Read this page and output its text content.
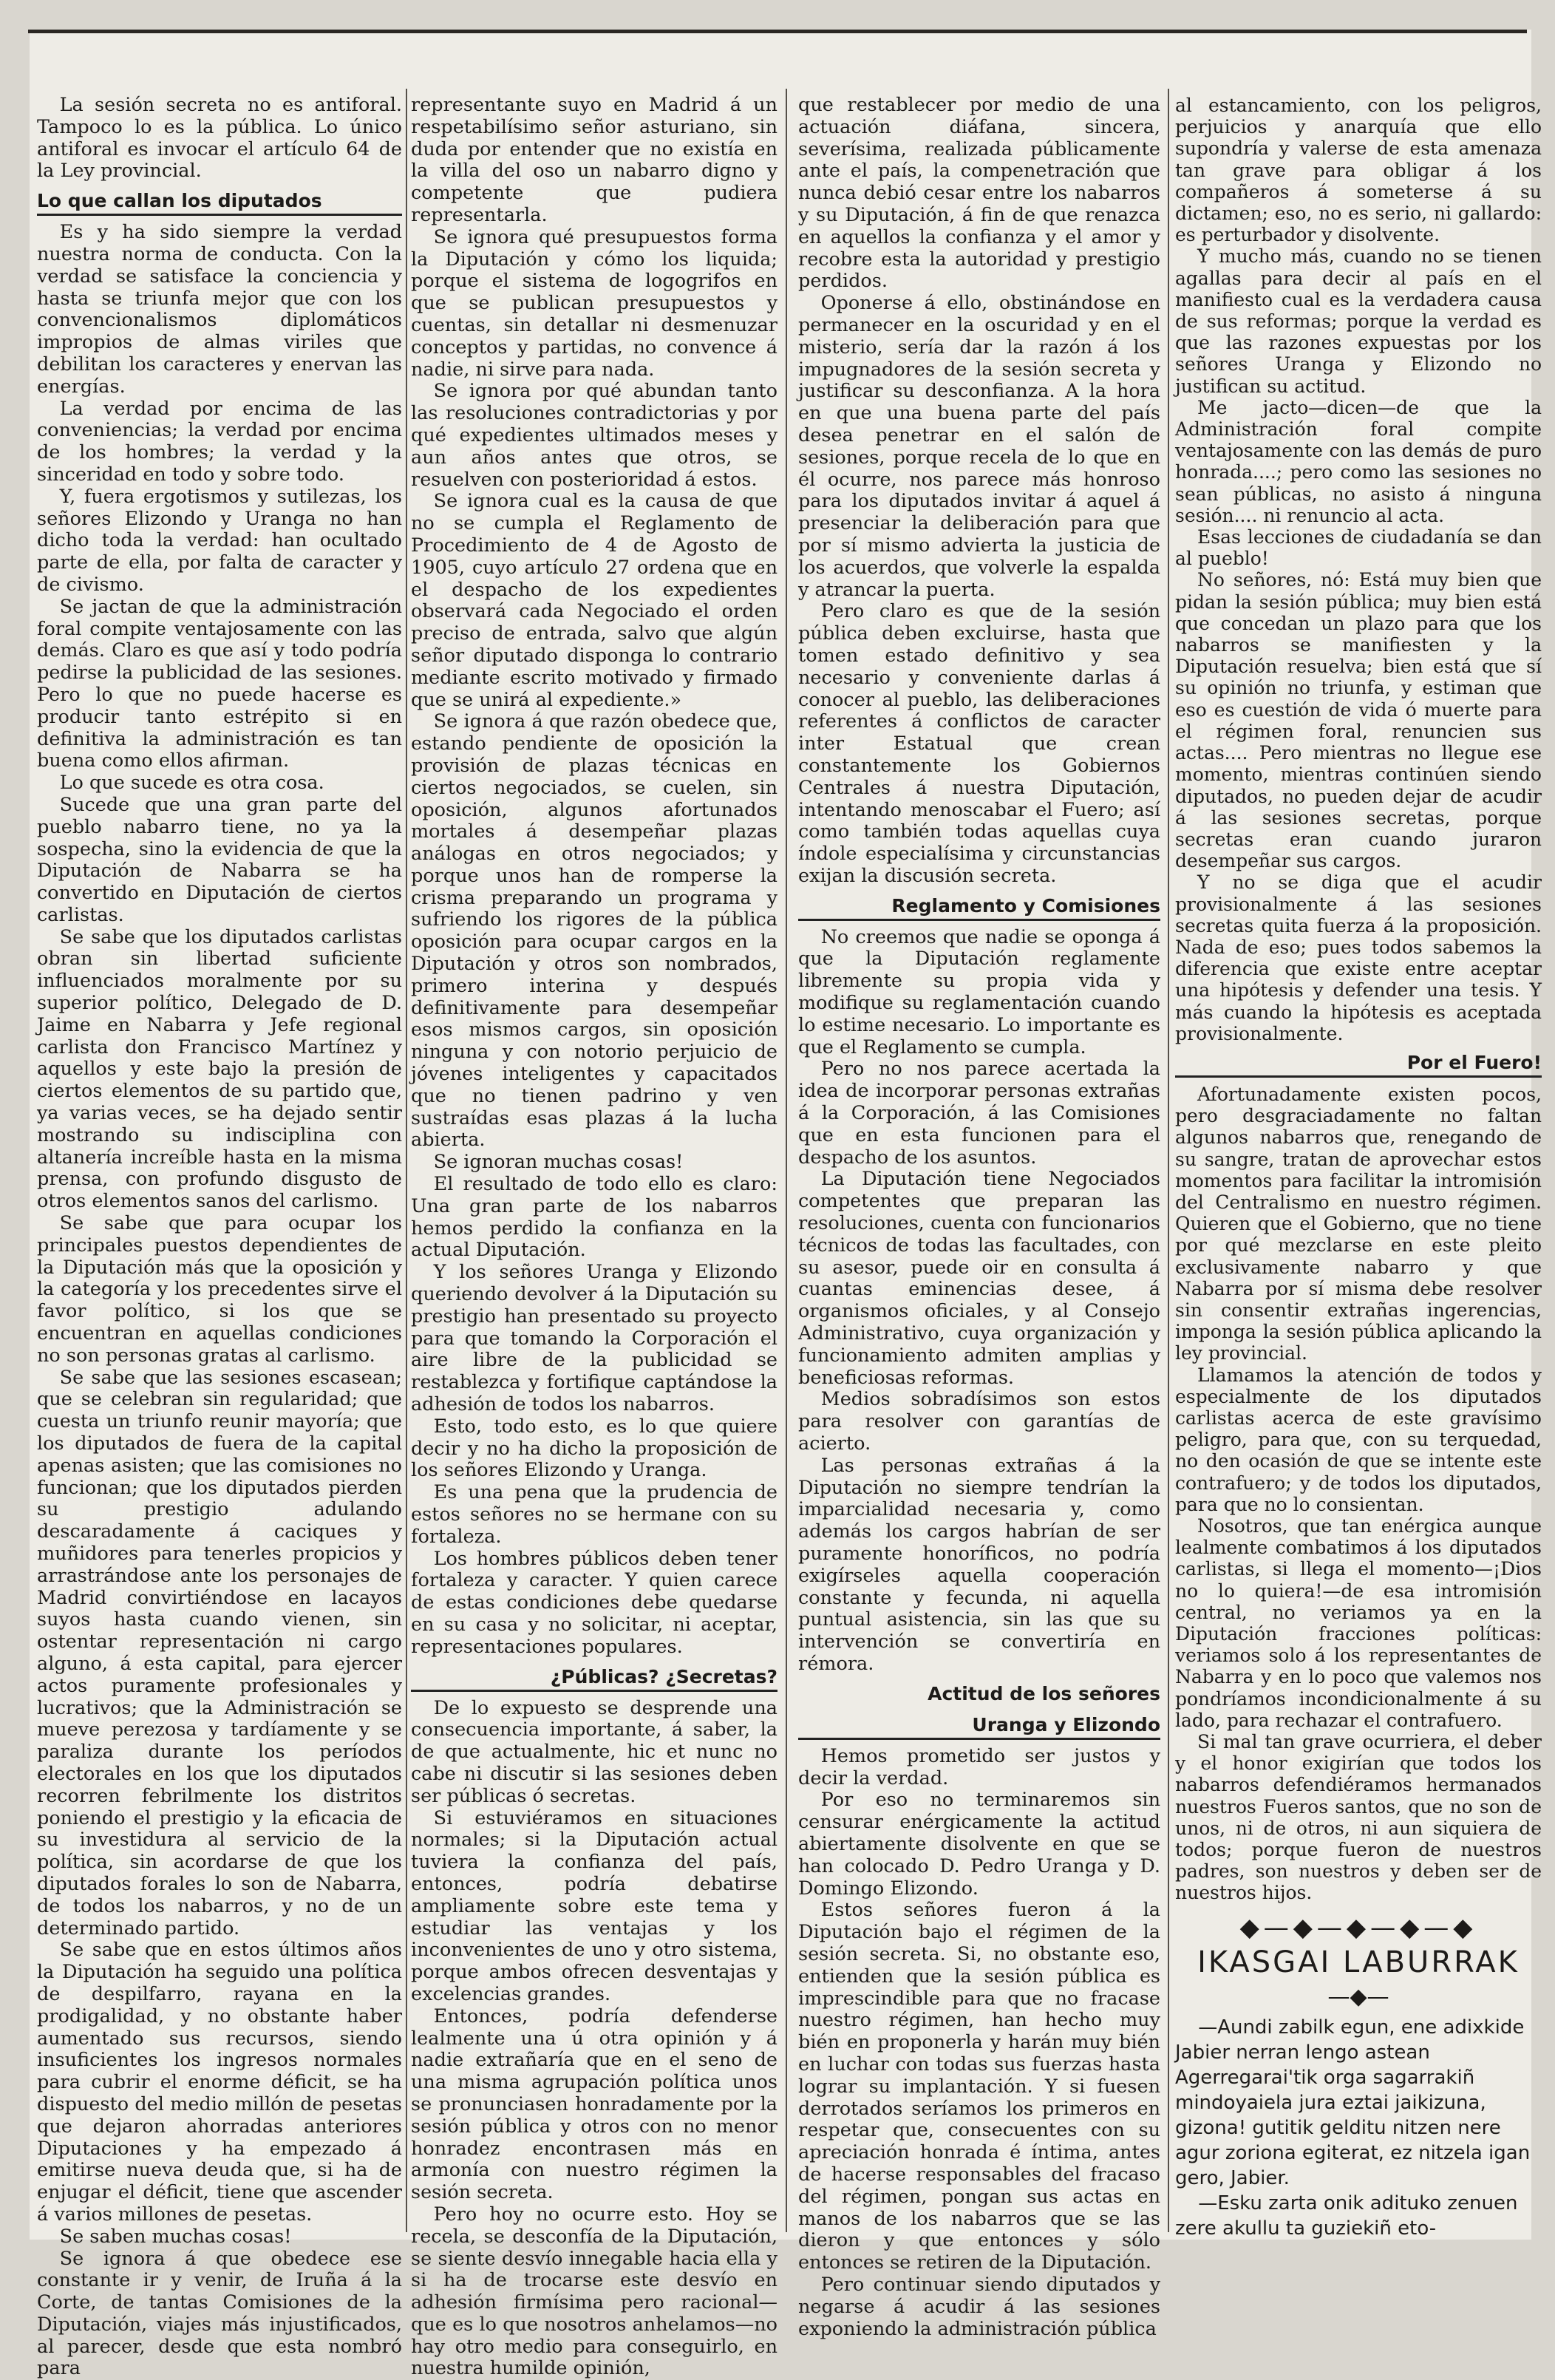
La sesión secreta no es antiforal. Tampoco lo es la pública. Lo único antiforal es invocar el artículo 64 de la Ley provincial.

Lo que callan los diputados

Es y ha sido siempre la verdad nuestra norma de conducta. Con la verdad se satisface la conciencia y hasta se triunfa mejor que con los convencionalismos diplomáticos impropios de almas viriles que debilitan los caracteres y enervan las energías.

La verdad por encima de las conveniencias; la verdad por encima de los hombres; la verdad y la sinceridad en todo y sobre todo.

Y, fuera ergotismos y sutilezas, los señores Elizondo y Uranga no han dicho toda la verdad: han ocultado parte de ella, por falta de caracter y de civismo.

Se jactan de que la administración foral compite ventajosamente con las demás. Claro es que así y todo podría pedirse la publicidad de las sesiones. Pero lo que no puede hacerse es producir tanto estrépito si en definitiva la administración es tan buena como ellos afirman.

Lo que sucede es otra cosa.

Sucede que una gran parte del pueblo nabarro tiene, no ya la sospecha, sino la evidencia de que la Diputación de Nabarra se ha convertido en Diputación de ciertos carlistas.

Se sabe que los diputados carlistas obran sin libertad suficiente influenciados moralmente por su superior político, Delegado de D. Jaime en Nabarra y Jefe regional carlista don Francisco Martínez y aquellos y este bajo la presión de ciertos elementos de su partido que, ya varias veces, se ha dejado sentir mostrando su indisciplina con altanería increíble hasta en la misma prensa, con profundo disgusto de otros elementos sanos del carlismo.

Se sabe que para ocupar los principales puestos dependientes de la Diputación más que la oposición y la categoría y los precedentes sirve el favor político, si los que se encuentran en aquellas condiciones no son personas gratas al carlismo.

Se sabe que las sesiones escasean; que se celebran sin regularidad; que cuesta un triunfo reunir mayoría; que los diputados de fuera de la capital apenas asisten; que las comisiones no funcionan; que los diputados pierden su prestigio adulando descaradamente á caciques y muñidores para tenerles propicios y arrastrándose ante los personajes de Madrid convirtiéndose en lacayos suyos hasta cuando vienen, sin ostentar representación ni cargo alguno, á esta capital, para ejercer actos puramente profesionales y lucrativos; que la Administración se mueve perezosa y tardíamente y se paraliza durante los períodos electorales en los que los diputados recorren febrilmente los distritos poniendo el prestigio y la eficacia de su investidura al servicio de la política, sin acordarse de que los diputados forales lo son de Nabarra, de todos los nabarros, y no de un determinado partido.

Se sabe que en estos últimos años la Diputación ha seguido una política de despilfarro, rayana en la prodigalidad, y no obstante haber aumentado sus recursos, siendo insuficientes los ingresos normales para cubrir el enorme déficit, se ha dispuesto del medio millón de pesetas que dejaron ahorradas anteriores Diputaciones y ha empezado á emitirse nueva deuda que, si ha de enjugar el déficit, tiene que ascender á varios millones de pesetas.

Se saben muchas cosas!

Se ignora á que obedece ese constante ir y venir, de Iruña á la Corte, de tantas Comisiones de la Diputación, viajes más injustificados, al parecer, desde que esta nombró para

representante suyo en Madrid á un respetabilísimo señor asturiano, sin duda por entender que no existía en la villa del oso un nabarro digno y competente que pudiera representarla.

Se ignora qué presupuestos forma la Diputación y cómo los liquida; porque el sistema de logogrifos en que se publican presupuestos y cuentas, sin detallar ni desmenuzar conceptos y partidas, no convence á nadie, ni sirve para nada.

Se ignora por qué abundan tanto las resoluciones contradictorias y por qué expedientes ultimados meses y aun años antes que otros, se resuelven con posterioridad á estos.

Se ignora cual es la causa de que no se cumpla el Reglamento de Procedimiento de 4 de Agosto de 1905, cuyo artículo 27 ordena que en el despacho de los expedientes observará cada Negociado el orden preciso de entrada, salvo que algún señor diputado disponga lo contrario mediante escrito motivado y firmado que se unirá al expediente.»

Se ignora á que razón obedece que, estando pendiente de oposición la provisión de plazas técnicas en ciertos negociados, se cuelen, sin oposición, algunos afortunados mortales á desempeñar plazas análogas en otros negociados; y porque unos han de romperse la crisma preparando un programa y sufriendo los rigores de la pública oposición para ocupar cargos en la Diputación y otros son nombrados, primero interina y después definitivamente para desempeñar esos mismos cargos, sin oposición ninguna y con notorio perjuicio de jóvenes inteligentes y capacitados que no tienen padrino y ven sustraídas esas plazas á la lucha abierta.

Se ignoran muchas cosas!

El resultado de todo ello es claro: Una gran parte de los nabarros hemos perdido la confianza en la actual Diputación.

Y los señores Uranga y Elizondo queriendo devolver á la Diputación su prestigio han presentado su proyecto para que tomando la Corporación el aire libre de la publicidad se restablezca y fortifique captándose la adhesión de todos los nabarros.

Esto, todo esto, es lo que quiere decir y no ha dicho la proposición de los señores Elizondo y Uranga.

Es una pena que la prudencia de estos señores no se hermane con su fortaleza.

Los hombres públicos deben tener fortaleza y caracter. Y quien carece de estas condiciones debe quedarse en su casa y no solicitar, ni aceptar, representaciones populares.

¿Públicas? ¿Secretas?

De lo expuesto se desprende una consecuencia importante, á saber, la de que actualmente, hic et nunc no cabe ni discutir si las sesiones deben ser públicas ó secretas.

Si estuviéramos en situaciones normales; si la Diputación actual tuviera la confianza del país, entonces, podría debatirse ampliamente sobre este tema y estudiar las ventajas y los inconvenientes de uno y otro sistema, porque ambos ofrecen desventajas y excelencias grandes.

Entonces, podría defenderse lealmente una ú otra opinión y á nadie extrañaría que en el seno de una misma agrupación política unos se pronunciasen honradamente por la sesión pública y otros con no menor honradez encontrasen más en armonía con nuestro régimen la sesión secreta.

Pero hoy no ocurre esto. Hoy se recela, se desconfía de la Diputación, se siente desvío innegable hacia ella y si ha de trocarse este desvío en adhesión firmísima pero racional—que es lo que nosotros anhelamos—no hay otro medio para conseguirlo, en nuestra humilde opinión,

que restablecer por medio de una actuación diáfana, sincera, severísima, realizada públicamente ante el país, la compenetración que nunca debió cesar entre los nabarros y su Diputación, á fin de que renazca en aquellos la confianza y el amor y recobre esta la autoridad y prestigio perdidos.

Oponerse á ello, obstinándose en permanecer en la oscuridad y en el misterio, sería dar la razón á los impugnadores de la sesión secreta y justificar su desconfianza. A la hora en que una buena parte del país desea penetrar en el salón de sesiones, porque recela de lo que en él ocurre, nos parece más honroso para los diputados invitar á aquel á presenciar la deliberación para que por sí mismo advierta la justicia de los acuerdos, que volverle la espalda y atrancar la puerta.

Pero claro es que de la sesión pública deben excluirse, hasta que tomen estado definitivo y sea necesario y conveniente darlas á conocer al pueblo, las deliberaciones referentes á conflictos de caracter inter Estatual que crean constantemente los Gobiernos Centrales á nuestra Diputación, intentando menoscabar el Fuero; así como también todas aquellas cuya índole especialísima y circunstancias exijan la discusión secreta.

Reglamento y Comisiones

No creemos que nadie se oponga á que la Diputación reglamente libremente su propia vida y modifique su reglamentación cuando lo estime necesario. Lo importante es que el Reglamento se cumpla.

Pero no nos parece acertada la idea de incorporar personas extrañas á la Corporación, á las Comisiones que en esta funcionen para el despacho de los asuntos.

La Diputación tiene Negociados competentes que preparan las resoluciones, cuenta con funcionarios técnicos de todas las facultades, con su asesor, puede oir en consulta á cuantas eminencias desee, á organismos oficiales, y al Consejo Administrativo, cuya organización y funcionamiento admiten amplias y beneficiosas reformas.

Medios sobradísimos son estos para resolver con garantías de acierto.

Las personas extrañas á la Diputación no siempre tendrían la imparcialidad necesaria y, como además los cargos habrían de ser puramente honoríficos, no podría exigírseles aquella cooperación constante y fecunda, ni aquella puntual asistencia, sin las que su intervención se convertiría en rémora.

Actitud de los señores
Uranga y Elizondo

Hemos prometido ser justos y decir la verdad.

Por eso no terminaremos sin censurar enérgicamente la actitud abiertamente disolvente en que se han colocado D. Pedro Uranga y D. Domingo Elizondo.

Estos señores fueron á la Diputación bajo el régimen de la sesión secreta. Si, no obstante eso, entienden que la sesión pública es imprescindible para que no fracase nuestro régimen, han hecho muy bién en proponerla y harán muy bién en luchar con todas sus fuerzas hasta lograr su implantación. Y si fuesen derrotados seríamos los primeros en respetar que, consecuentes con su apreciación honrada é íntima, antes de hacerse responsables del fracaso del régimen, pongan sus actas en manos de los nabarros que se las dieron y que entonces y sólo entonces se retiren de la Diputación.

Pero continuar siendo diputados y negarse á acudir á las sesiones exponiendo la administración pública

al estancamiento, con los peligros, perjuicios y anarquía que ello supondría y valerse de esta amenaza tan grave para obligar á los compañeros á someterse á su dictamen; eso, no es serio, ni gallardo: es perturbador y disolvente.

Y mucho más, cuando no se tienen agallas para decir al país en el manifiesto cual es la verdadera causa de sus reformas; porque la verdad es que las razones expuestas por los señores Uranga y Elizondo no justifican su actitud.

Me jacto—dicen—de que la Administración foral compite ventajosamente con las demás de puro honrada....; pero como las sesiones no sean públicas, no asisto á ninguna sesión.... ni renuncio al acta.

Esas lecciones de ciudadanía se dan al pueblo!

No señores, nó: Está muy bien que pidan la sesión pública; muy bien está que concedan un plazo para que los nabarros se manifiesten y la Diputación resuelva; bien está que sí su opinión no triunfa, y estiman que eso es cuestión de vida ó muerte para el régimen foral, renuncien sus actas.... Pero mientras no llegue ese momento, mientras continúen siendo diputados, no pueden dejar de acudir á las sesiones secretas, porque secretas eran cuando juraron desempeñar sus cargos.

Y no se diga que el acudir provisionalmente á las sesiones secretas quita fuerza á la proposición. Nada de eso; pues todos sabemos la diferencia que existe entre aceptar una hipótesis y defender una tesis. Y más cuando la hipótesis es aceptada provisionalmente.

Por el Fuero!

Afortunadamente existen pocos, pero desgraciadamente no faltan algunos nabarros que, renegando de su sangre, tratan de aprovechar estos momentos para facilitar la intromisión del Centralismo en nuestro régimen. Quieren que el Gobierno, que no tiene por qué mezclarse en este pleito exclusivamente nabarro y que Nabarra por sí misma debe resolver sin consentir extrañas ingerencias, imponga la sesión pública aplicando la ley provincial.

Llamamos la atención de todos y especialmente de los diputados carlistas acerca de este gravísimo peligro, para que, con su terquedad, no den ocasión de que se intente este contrafuero; y de todos los diputados, para que no lo consientan.

Nosotros, que tan enérgica aunque lealmente combatimos á los diputados carlistas, si llega el momento—¡Dios no lo quiera!—de esa intromisión central, no veriamos ya en la Diputación fracciones políticas: veriamos solo á los representantes de Nabarra y en lo poco que valemos nos pondríamos incondicionalmente á su lado, para rechazar el contrafuero.

Si mal tan grave ocurriera, el deber y el honor exigirían que todos los nabarros defendiéramos hermanados nuestros Fueros santos, que no son de unos, ni de otros, ni aun siquiera de todos; porque fueron de nuestros padres, son nuestros y deben ser de nuestros hijos.

◆—◆—◆—◆—◆
IKASGAI LABURRAK
—◆—

—Aundi zabilk egun, ene adixkide Jabier nerran lengo astean Agerregarai'tik orga sagarrakiñ mindoyaiela jura eztai jaikizuna, gizona! gutitik gelditu nitzen nere agur zoriona egiterat, ez nitzela igan gero, Jabier.

—Esku zarta onik adituko zenuen zere akullu ta guziekiñ eto-
